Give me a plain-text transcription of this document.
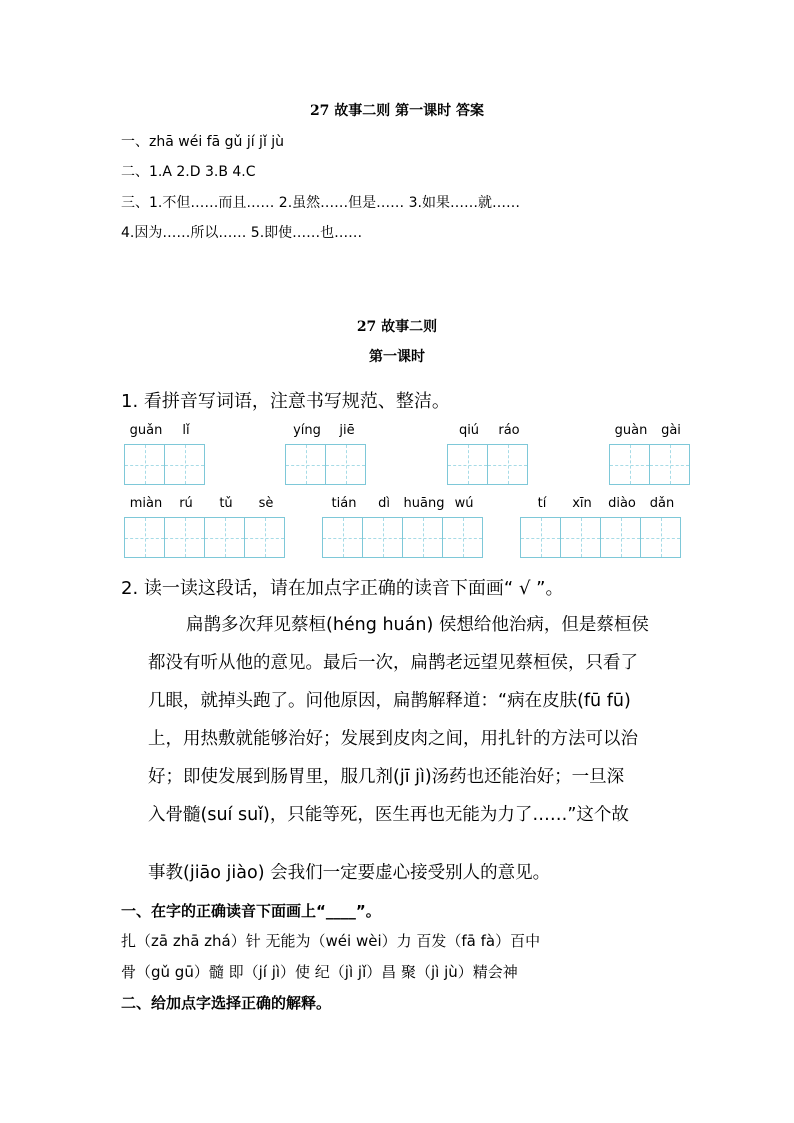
27 故事二则 第一课时 答案
一、zhā wéi fā gǔ jí jǐ jù
二、1.A 2.D 3.B 4.C
三、1.不但……而且…… 2.虽然……但是…… 3.如果……就……
4.因为……所以…… 5.即使……也……
27 故事二则
第一课时
1. 看拼音写词语，注意书写规范、整洁。
guǎn	lǐ	yíng	jiē	qiú	ráo	guàn	gài
miàn	rú	tǔ	sè	tián	dì	huāng wú	tí	xīn	diào	dǎn
2. 读一读这段话，请在加点字正确的读音下面画“ √ ”。
扁鹊多次拜见蔡桓(héng huán) 侯想给他治病，但是蔡桓侯
都没有听从他的意见。最后一次，扁鹊老远望见蔡桓侯，只看了
几眼，就掉头跑了。问他原因，扁鹊解释道：“病在皮肤(fū fū)
上，用热敷就能够治好；发展到皮肉之间，用扎针的方法可以治
好；即使发展到肠胃里，服几剂(jī jì)汤药也还能治好；一旦深
入骨髓(suí suǐ)，只能等死，医生再也无能为力了……”这个故
事教(jiāo jiào) 会我们一定要虚心接受别人的意见。
一、在字的正确读音下面画上“____”。
扎（zā zhā zhá）针 无能为（wéi wèi）力 百发（fā fà）百中
骨（gǔ gū）髓 即（jí jì）使 纪（jì jǐ）昌 聚（jì jù）精会神
二、给加点字选择正确的解释。
